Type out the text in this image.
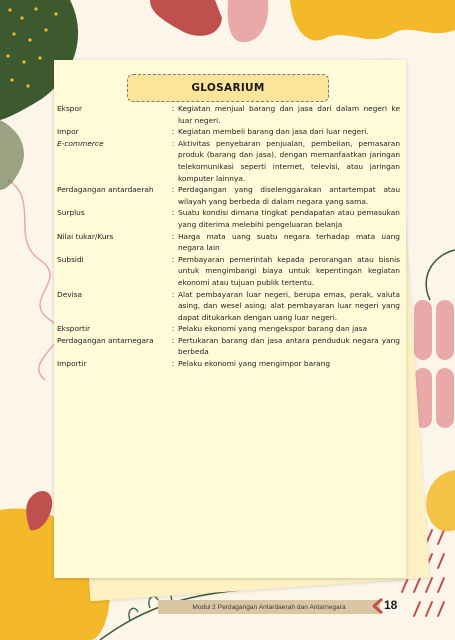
GLOSARIUM
Ekspor	: Kegiatan menjual barang dan jasa dari dalam negeri ke luar negeri.
Impor	: Kegiatan membeli barang dan jasa dari luar negeri.
E-commerce	: Aktivitas penyebaran penjualan, pembelian, pemasaran produk (barang dan jasa), dengan memanfaatkan jaringan telekomunikasi seperti internet, televisi, atau jaringan komputer lainnya.
Perdagangan antardaerah	: Perdagangan yang diselenggarakan antartempat atau wilayah yang berbeda di dalam negara yang sama.
Surplus	: Suatu kondisi dimana tingkat pendapatan atau pemasukan yang diterima melebihi pengeluaran belanja
Nilai tukar/Kurs	: Harga mata uang suatu negara terhadap mata uang negara lain
Subsidi	: Pembayaran pemerintah kepada perorangan atau bisnis untuk mengimbangi biaya untuk kepentingan kegiatan ekonomi atau tujuan publik tertentu.
Devisa	: Alat pembayaran luar negeri, berupa emas, perak, valuta asing, dan wesel asing; alat pembayaran luar negeri yang dapat ditukarkan dengan uang luar negeri.
Eksportir	: Pelaku ekonomi yang mengekspor barang dan jasa
Perdagangan antarnegara	: Pertukaran barang dan jasa antara penduduk negara yang berbeda
Importir	: Pelaku ekonomi yang mengimpor barang
Modul 2 Perdagangan Antardaerah dan Antarnegara	18
